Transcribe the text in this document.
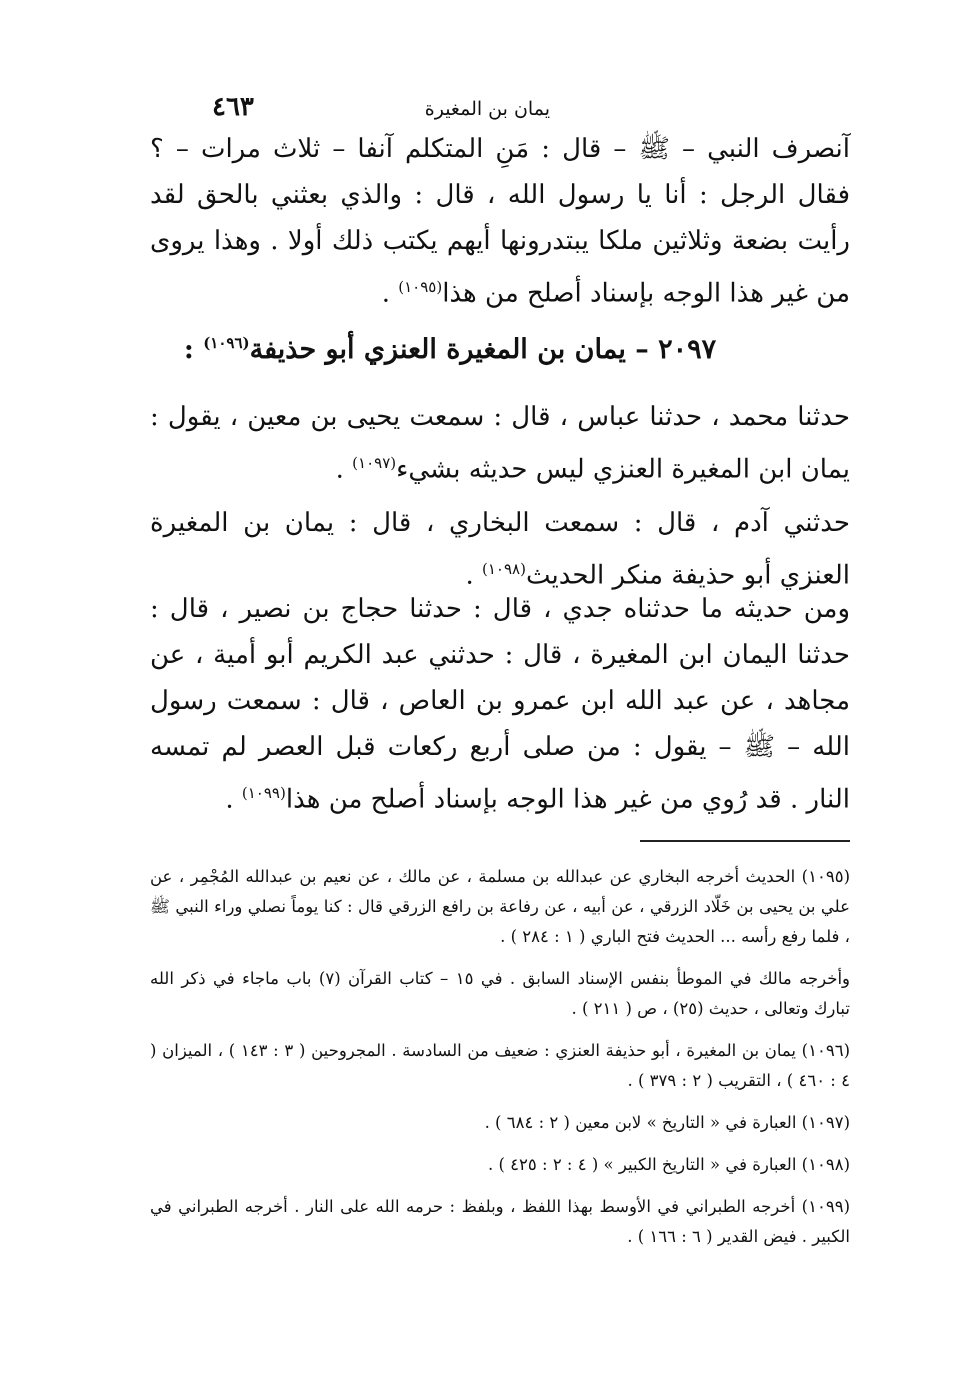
يمان بن المغيرة
٤٦٣
آنصرف النبي – ﷺ – قال : مَنِ المتكلم آنفا – ثلاث مرات – ؟ فقال الرجل : أنا يا رسول الله ، قال : والذي بعثني بالحق لقد رأيت بضعة وثلاثين ملكا يبتدرونها أيهم يكتب ذلك أولا . وهذا يروى من غير هذا الوجه بإسناد أصلح من هذا$^{(١٠٩٥)}$ .
٢٠٩٧ – يمان بن المغيرة العنزي أبو حذيفة$^{(١٠٩٦)}$ :
حدثنا محمد ، حدثنا عباس ، قال : سمعت يحيى بن معين ، يقول : يمان ابن المغيرة العنزي ليس حديثه بشيء$^{(١٠٩٧)}$ .
حدثني آدم ، قال : سمعت البخاري ، قال : يمان بن المغيرة العنزي أبو حذيفة منكر الحديث$^{(١٠٩٨)}$ .
ومن حديثه ما حدثناه جدي ، قال : حدثنا حجاج بن نصير ، قال : حدثنا اليمان ابن المغيرة ، قال : حدثني عبد الكريم أبو أمية ، عن مجاهد ، عن عبد الله ابن عمرو بن العاص ، قال : سمعت رسول الله – ﷺ – يقول : من صلى أربع ركعات قبل العصر لم تمسه النار . قد رُوي من غير هذا الوجه بإسناد أصلح من هذا$^{(١٠٩٩)}$ .

(١٠٩٥) الحديث أخرجه البخاري عن عبدالله بن مسلمة ، عن مالك ، عن نعيم بن عبدالله المُجْمِر ، عن علي بن يحيى بن خَلّاد الزرقي ، عن أبيه ، عن رفاعة بن رافع الزرقي قال : كنا يوماً نصلي وراء النبي ﷺ ، فلما رفع رأسه ... الحديث فتح الباري ( ١ : ٢٨٤ ) .

وأخرجه مالك في الموطأ بنفس الإسناد السابق . في ١٥ – كتاب القرآن (٧) باب ماجاء في ذكر الله تبارك وتعالى ، حديث (٢٥) ، ص ( ٢١١ ) .

(١٠٩٦) يمان بن المغيرة ، أبو حذيفة العنزي : ضعيف من السادسة . المجروحين ( ٣ : ١٤٣ ) ، الميزان ( ٤ : ٤٦٠ ) ، التقريب ( ٢ : ٣٧٩ ) .

(١٠٩٧) العبارة في « التاريخ » لابن معين ( ٢ : ٦٨٤ ) .

(١٠٩٨) العبارة في « التاريخ الكبير » ( ٤ : ٢ : ٤٢٥ ) .

(١٠٩٩) أخرجه الطبراني في الأوسط بهذا اللفظ ، وبلفظ : حرمه الله على النار . أخرجه الطبراني في الكبير . فيض القدير ( ٦ : ١٦٦ ) .
